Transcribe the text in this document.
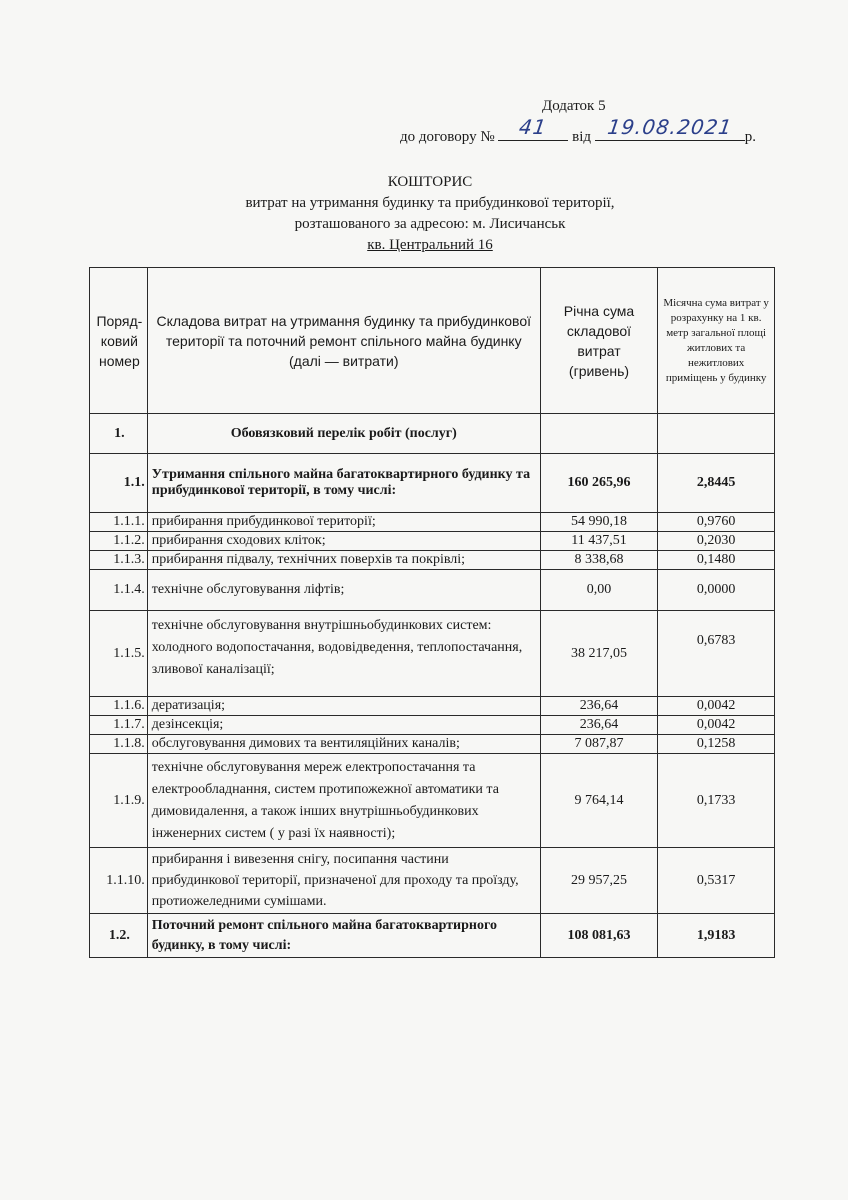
Додаток 5
до договору №	41	від 19.08.2021 р.
КОШТОРИС
витрат на утримання будинку та прибудинкової території,
розташованого за адресою: м. Лисичанськ
кв. Центральний 16
Поряд-
ковий
номер	Складова витрат на утримання будинку та прибудинкової території та поточний ремонт спільного майна будинку (далі — витрати)	Річна сума складової витрат (гривень)	Місячна сума витрат у розрахунку на 1 кв. метр загальної площі житлових та нежитлових приміщень у будинку
1.	Обовязковий перелік робіт (послуг)		
1.1.	Утримання спільного майна багатоквартирного будинку та прибудинкової території, в тому числі:	160 265,96	2,8445
1.1.1.	прибирання прибудинкової території;	54 990,18	0,9760
1.1.2.	прибирання сходових кліток;	11 437,51	0,2030
1.1.3.	прибирання підвалу, технічних поверхів та покрівлі;	8 338,68	0,1480
1.1.4.	технічне обслуговування ліфтів;	0,00	0,0000
1.1.5.	технічне обслуговування внутрішньобудинкових систем: холодного водопостачання, водовідведення, теплопостачання, зливової каналізації;	38 217,05	0,6783
1.1.6.	дератизація;	236,64	0,0042
1.1.7.	дезінсекція;	236,64	0,0042
1.1.8.	обслуговування димових та вентиляційних каналів;	7 087,87	0,1258
1.1.9.	технічне обслуговування мереж електропостачання та електрообладнання, систем протипожежної автоматики та димовидалення, а також інших внутрішньобудинкових інженерних систем ( у разі їх наявності);	9 764,14	0,1733
1.1.10.	прибирання і вивезення снігу, посипання частини прибудинкової території, призначеної для проходу та проїзду, протиожеледними сумішами.	29 957,25	0,5317
1.2.	Поточний ремонт спільного майна багатоквартирного будинку, в тому числі:	108 081,63	1,9183
